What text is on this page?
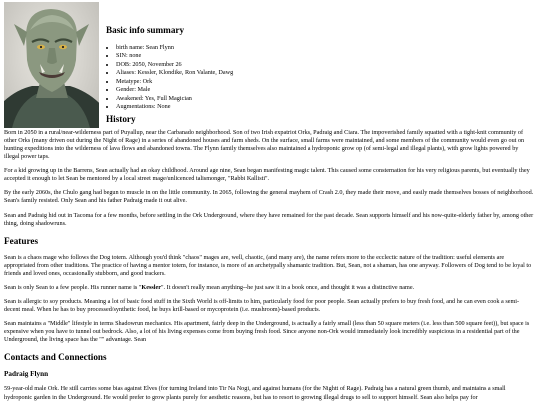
Basic info summary
• birth name: Sean Flynn
• SIN: none
• DOB: 2050, November 26
• Aliases: Kessler, Klondike, Ron Valante, Dawg
• Metatype: Ork
• Gender: Male
• Awakened: Yes, Full Magician
• Augmentations: None
History

Born in 2050 in a rural/near-wilderness part of Puyallup, near the Carbanado neighborhood. Son of two Irish expatriot Orks, Padraig and Ciara. The impoverished family squatted with a tight-knit community of other Orks (many driven out during the Night of Rage) in a series of abandoned houses and farm sheds. On the surface, small farms were maintained, and some members of the community would even go out on hunting expeditions into the wilderness of lava flows and abandoned towns. The Flynn family themselves also maintained a hydroponic grow op (of semi-legal and illegal plants), with grow lights powered by illegal power taps.

For a kid growing up in the Barrens, Sean actually had an okay childhood. Around age nine, Sean began manifesting magic talent. This caused some consternation for his very religious parents, but eventually they accepted it enough to let Sean be mentored by a local street mage/unlicenced talismonger, "Rabbi Kallisti".

By the early 2060s, the Chulo gang had begun to muscle in on the little community. In 2065, following the general mayhem of Crash 2.0, they made their move, and easily made themselves bosses of neighborhood. Sean's family resisted. Only Sean and his father Padraig made it out alive.

Sean and Padraig hid out in Tacoma for a few months, before settling in the Ork Underground, where they have remained for the past decade. Sean supports himself and his now-quite-elderly father by, among other thing, doing shadowruns.

Features

Sean is a chaos mage who follows the Dog totem. Although you'd think "chaos" mages are, well, chaotic, (and many are), the name refers more to the ecclectic nature of the tradition: useful elements are appropriated from other traditions. The practice of having a mentor totem, for instance, is more of an archetypally shamanic tradition. But, Sean, not a shaman, has one anyway. Followers of Dog tend to be loyal to friends and loved ones, occasionally stubborn, and good trackers.

Sean is only Sean to a few people. His runner name is "Kessler". It doesn't really mean anything--he just saw it in a book once, and thought it was a distinctive name.

Sean is allergic to soy products. Meaning a lot of basic food stuff in the Sixth World is off-limits to him, particularly food for poor people. Sean actually prefers to buy fresh food, and he can even cook a semi-decent meal. When he has to buy processed/synthetic food, he buys krill-based or mycoprotein (i.e. mushroom)-based products.

Sean maintains a "Middle" lifestyle in terms Shadowrun mechanics. His apartment, fairly deep in the Underground, is actually a fairly small (less than 50 square meters (i.e. less than 500 square feet)), but space is expensive when you have to tunnel out bedrock. Also, a lot of his living expenses come from buying fresh food. Since anyone non-Ork would immediately look incredibly suspicious in a residential part of the Underground, the living space has the "" advantage. Sean

Contacts and Connections
Padraig Flynn

59-year-old male Ork. He still carries some bias against Elves (for turning Ireland into Tir Na Nogi, and against humans (for the Nightt of Rage). Padraig has a natural green thumb, and maintains a small hydroponic garden in the Underground. He would prefer to grow plants purely for aesthetic reasons, but has to resort to growing illegal drugs to sell to support himself. Sean also helps pay for
